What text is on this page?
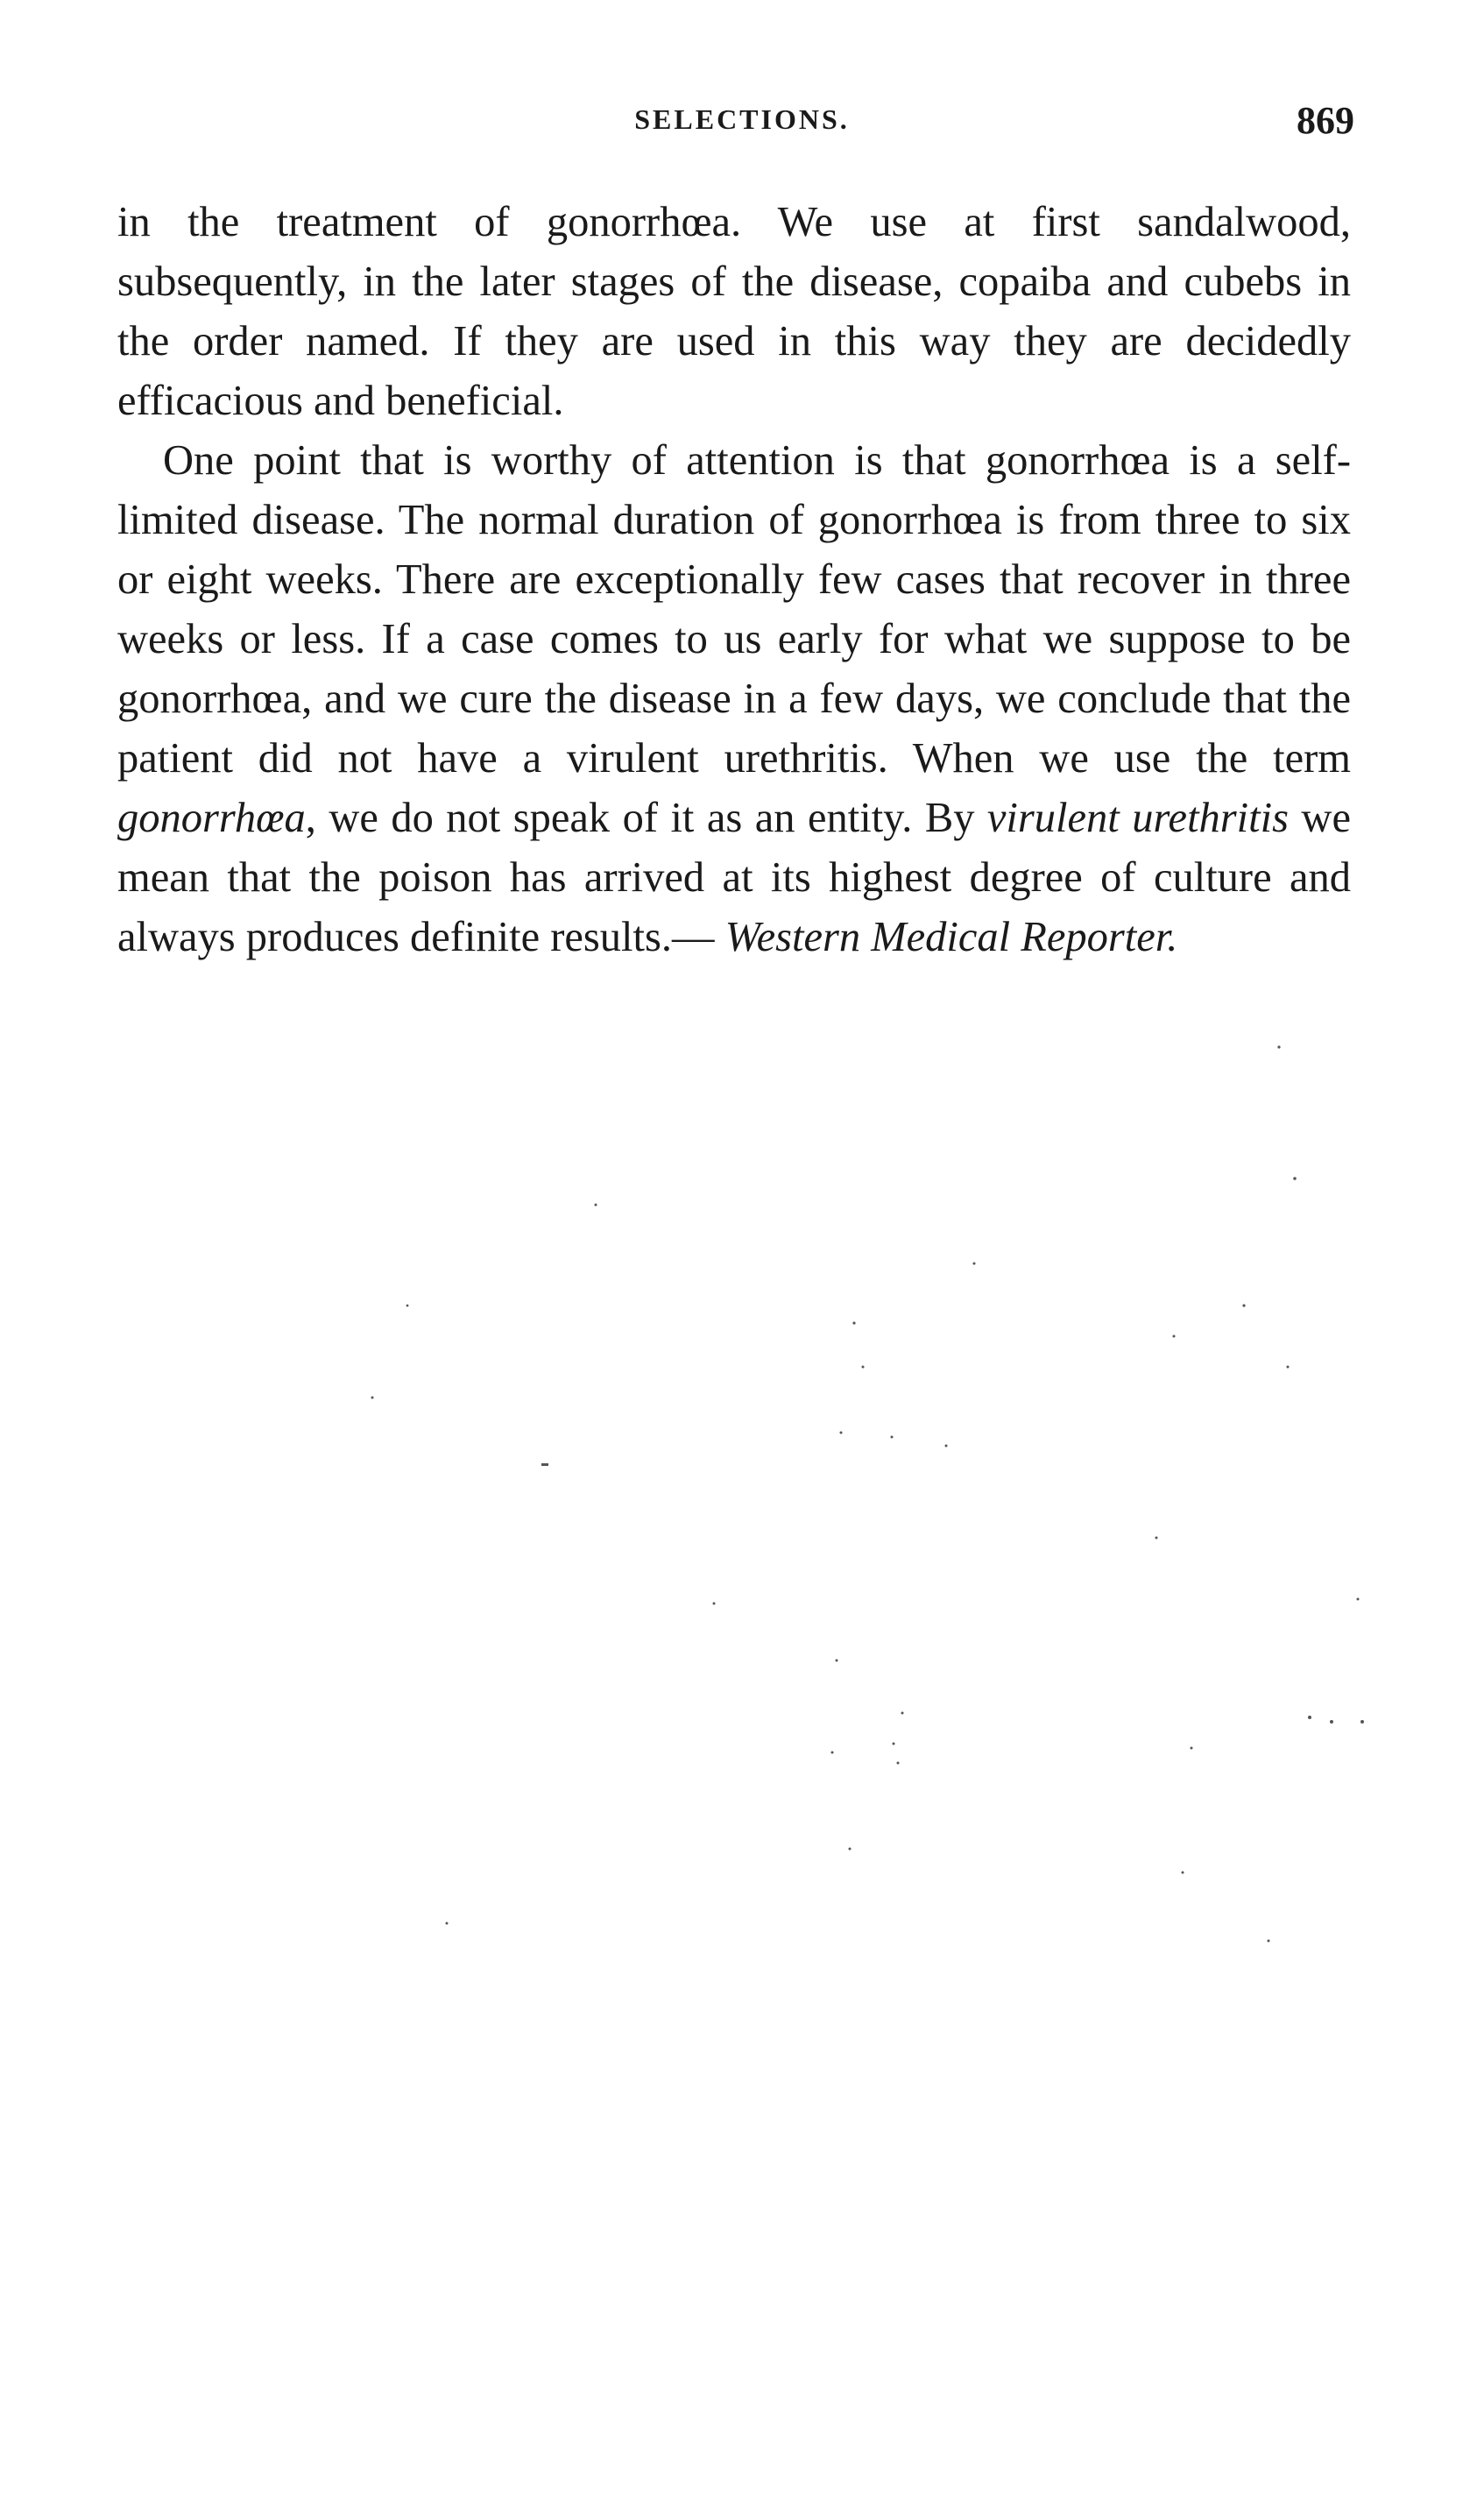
SELECTIONS.	869

in the treatment of gonorrhœa. We use at first sandalwood, subsequently, in the later stages of the disease, copaiba and cubebs in the order named. If they are used in this way they are decidedly efficacious and beneficial.

One point that is worthy of attention is that gonorrhœa is a self-limited disease. The normal duration of gonorrhœa is from three to six or eight weeks. There are exceptionally few cases that recover in three weeks or less. If a case comes to us early for what we suppose to be gonorrhœa, and we cure the disease in a few days, we conclude that the patient did not have a virulent urethritis. When we use the term gonorrhœa, we do not speak of it as an entity. By virulent urethritis we mean that the poison has arrived at its highest degree of culture and always produces definite results.— Western Medical Reporter.
